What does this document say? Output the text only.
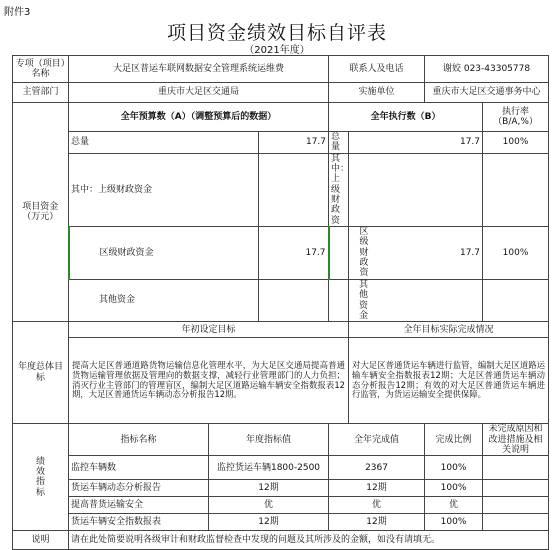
附件3
项目资金绩效目标自评表
（2021年度）
专项（项目）名称	大足区普运车联网数据安全管理系统运维费			联系人及电话		谢姣 023-43305778	
主管部门	重庆市大足区交通局			实施单位		重庆市大足区交通事务中心	
项目资金（万元）	全年预算数（A）（调整预算后的数据）			全年执行数（B）			执行率（B/A,%）
	总量		17.7	总量	17.7		100%
	其中：上级财政资金			其中：上级财政资			
	区级财政资金		17.7	区级财政资	17.7		100%
	其他资金			其他资金			
年度总体目标	年初设定目标				全年目标实际完成情况		
	提高大足区普通道路货物运输信息化管理水平，为大足区交通局提高普通货物运输管理依据及管理向的数据支撑，减轻行业管理部门的人力负担；消灭行业主管部门的管理盲区，编制大足区道路运输车辆安全指数报表12期，大足区普通货运车辆动态分析报告12期。				对大足区普通货运车辆进行监管，编制大足区道路运输车辆安全指数报表12期；大足区普通货运车辆动态分析报告12期；有效的对大足区普通货运车辆进行监管，为货运运输安全提供保障。		

绩
效
指
标	指标名称	年度指标值		全年完成值		完成比例	未完成原因和改进措施及相关说明
	监控车辆数	监控货运车辆1800-2500		2367		100%	
	货运车辆动态分析报告	12期		12期		100%	
	提高普货运输安全	优		优		优	
	货运车辆安全指数报表	12期		12期		100%	
说明	请在此处简要说明各级审计和财政监督检查中发现的问题及其所涉及的金额，如没有请填无。						
